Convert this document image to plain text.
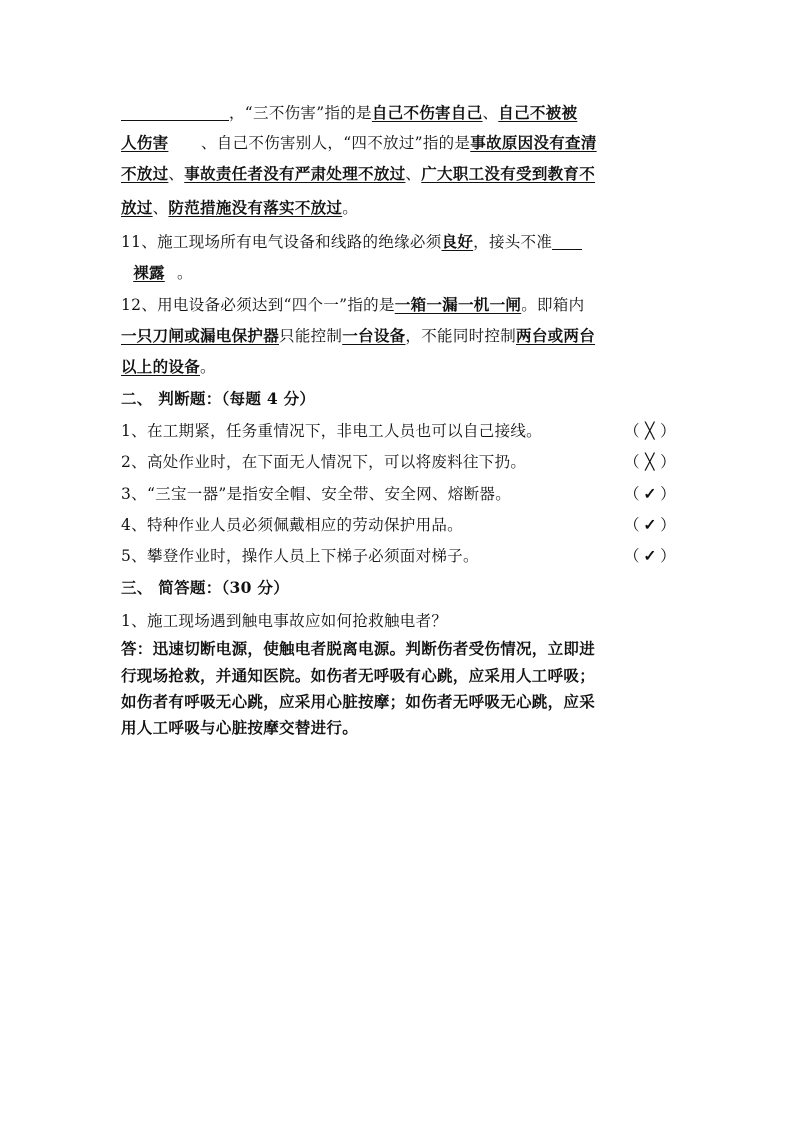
，“三不伤害”指的是自己不伤害自己、自己不被被
人伤害 、自己不伤害别人，“四不放过”指的是事故原因没有查清
不放过、事故责任者没有严肃处理不放过、广大职工没有受到教育不
放过、防范措施没有落实不放过。
11、施工现场所有电气设备和线路的绝缘必须良好，接头不准
裸露 。
12、用电设备必须达到“四个一”指的是一箱一漏一机一闸。即箱内
一只刀闸或漏电保护器只能控制一台设备，不能同时控制两台或两台
以上的设备。
二、 判断题：（每题 4 分）
1、在工期紧，任务重情况下，非电工人员也可以自己接线。	（ ╳ ）
2、高处作业时，在下面无人情况下，可以将废料往下扔。	（ ╳ ）
3、“三宝一器”是指安全帽、安全带、安全网、熔断器。	（ ✓ ）
4、特种作业人员必须佩戴相应的劳动保护用品。	（ ✓ ）
5、攀登作业时，操作人员上下梯子必须面对梯子。	（ ✓ ）
三、 简答题：（30 分）
1、施工现场遇到触电事故应如何抢救触电者？
答：迅速切断电源，使触电者脱离电源。判断伤者受伤情况，立即进
行现场抢救，并通知医院。如伤者无呼吸有心跳，应采用人工呼吸；
如伤者有呼吸无心跳，应采用心脏按摩；如伤者无呼吸无心跳，应采
用人工呼吸与心脏按摩交替进行。
